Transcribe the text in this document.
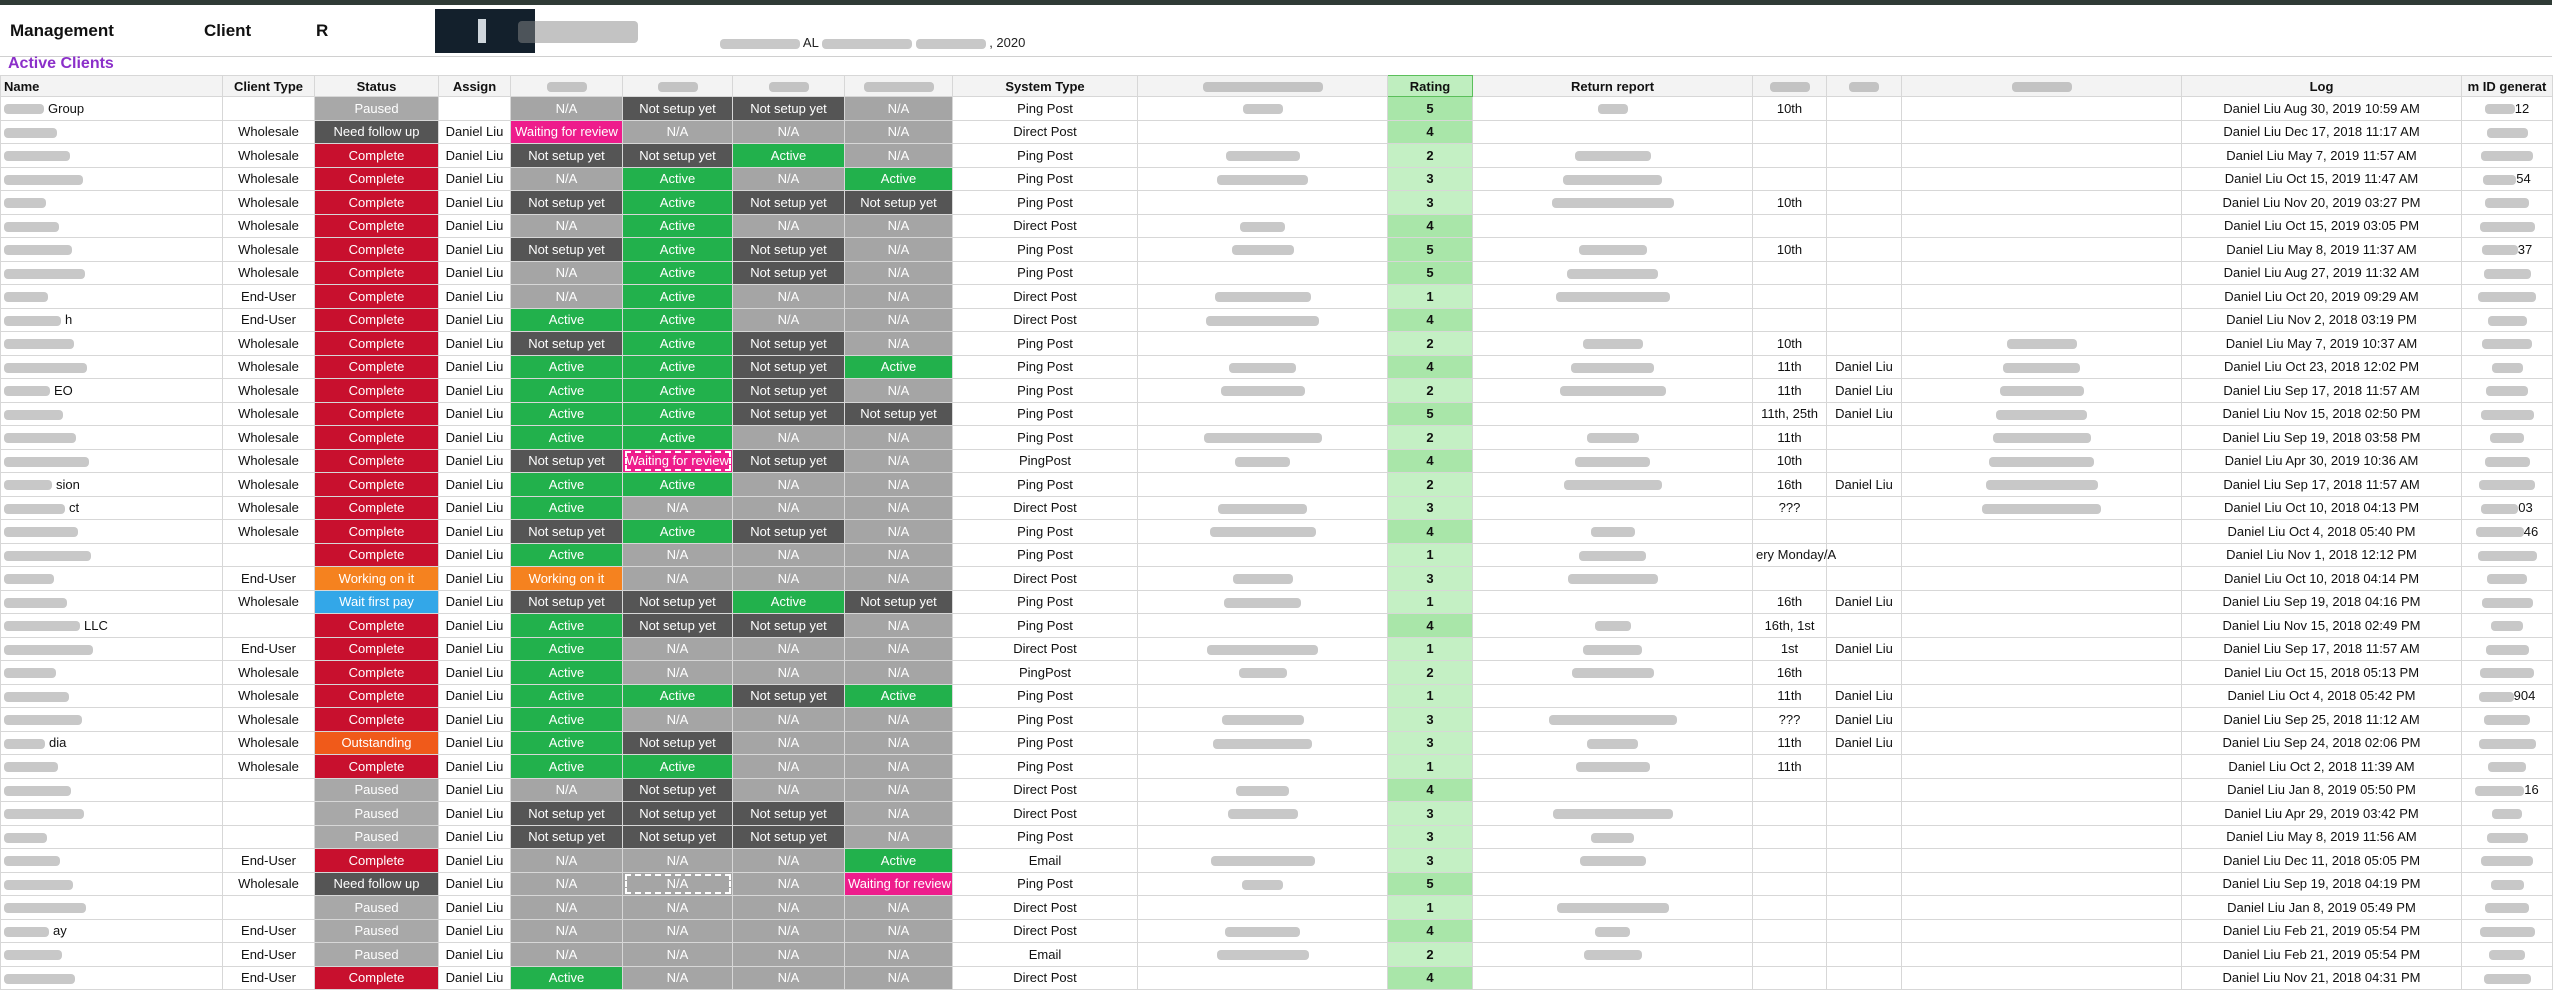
Management	Client	R
AL	, 2020
Active Clients
Name	Client Type	Status	Assign					System Type		Rating	Return report				Log	m ID generat
Group		Paused		N/A	Not setup yet	Not setup yet	N/A	Ping Post		5		10th			Daniel Liu Aug 30, 2019 10:59 AM	12
	Wholesale	Need follow up	Daniel Liu	Waiting for review	N/A	N/A	N/A	Direct Post		4					Daniel Liu Dec 17, 2018 11:17 AM	
	Wholesale	Complete	Daniel Liu	Not setup yet	Not setup yet	Active	N/A	Ping Post		2					Daniel Liu May 7, 2019 11:57 AM	
	Wholesale	Complete	Daniel Liu	N/A	Active	N/A	Active	Ping Post		3					Daniel Liu Oct 15, 2019 11:47 AM	54
	Wholesale	Complete	Daniel Liu	Not setup yet	Active	Not setup yet	Not setup yet	Ping Post		3		10th			Daniel Liu Nov 20, 2019 03:27 PM	
	Wholesale	Complete	Daniel Liu	N/A	Active	N/A	N/A	Direct Post		4					Daniel Liu Oct 15, 2019 03:05 PM	
	Wholesale	Complete	Daniel Liu	Not setup yet	Active	Not setup yet	N/A	Ping Post		5		10th			Daniel Liu May 8, 2019 11:37 AM	37
	Wholesale	Complete	Daniel Liu	N/A	Active	Not setup yet	N/A	Ping Post		5					Daniel Liu Aug 27, 2019 11:32 AM	
	End-User	Complete	Daniel Liu	N/A	Active	N/A	N/A	Direct Post		1					Daniel Liu Oct 20, 2019 09:29 AM	
h	End-User	Complete	Daniel Liu	Active	Active	N/A	N/A	Direct Post		4					Daniel Liu Nov 2, 2018 03:19 PM	
	Wholesale	Complete	Daniel Liu	Not setup yet	Active	Not setup yet	N/A	Ping Post		2		10th			Daniel Liu May 7, 2019 10:37 AM	
	Wholesale	Complete	Daniel Liu	Active	Active	Not setup yet	Active	Ping Post		4		11th	Daniel Liu		Daniel Liu Oct 23, 2018 12:02 PM	
EO	Wholesale	Complete	Daniel Liu	Active	Active	Not setup yet	N/A	Ping Post		2		11th	Daniel Liu		Daniel Liu Sep 17, 2018 11:57 AM	
	Wholesale	Complete	Daniel Liu	Active	Active	Not setup yet	Not setup yet	Ping Post		5		11th, 25th	Daniel Liu		Daniel Liu Nov 15, 2018 02:50 PM	
	Wholesale	Complete	Daniel Liu	Active	Active	N/A	N/A	Ping Post		2		11th			Daniel Liu Sep 19, 2018 03:58 PM	
	Wholesale	Complete	Daniel Liu	Not setup yet	Waiting for review	Not setup yet	N/A	PingPost		4		10th			Daniel Liu Apr 30, 2019 10:36 AM	
sion	Wholesale	Complete	Daniel Liu	Active	Active	N/A	N/A	Ping Post		2		16th	Daniel Liu		Daniel Liu Sep 17, 2018 11:57 AM	
ct	Wholesale	Complete	Daniel Liu	Active	N/A	N/A	N/A	Direct Post		3		???			Daniel Liu Oct 10, 2018 04:13 PM	03
	Wholesale	Complete	Daniel Liu	Not setup yet	Active	Not setup yet	N/A	Ping Post		4					Daniel Liu Oct 4, 2018 05:40 PM	46
		Complete	Daniel Liu	Active	N/A	N/A	N/A	Ping Post		1		ery Monday/A			Daniel Liu Nov 1, 2018 12:12 PM	
	End-User	Working on it	Daniel Liu	Working on it	N/A	N/A	N/A	Direct Post		3					Daniel Liu Oct 10, 2018 04:14 PM	
	Wholesale	Wait first pay	Daniel Liu	Not setup yet	Not setup yet	Active	Not setup yet	Ping Post		1		16th	Daniel Liu		Daniel Liu Sep 19, 2018 04:16 PM	
LLC		Complete	Daniel Liu	Active	Not setup yet	Not setup yet	N/A	Ping Post		4		16th, 1st			Daniel Liu Nov 15, 2018 02:49 PM	
	End-User	Complete	Daniel Liu	Active	N/A	N/A	N/A	Direct Post		1		1st	Daniel Liu		Daniel Liu Sep 17, 2018 11:57 AM	
	Wholesale	Complete	Daniel Liu	Active	N/A	N/A	N/A	PingPost		2		16th			Daniel Liu Oct 15, 2018 05:13 PM	
	Wholesale	Complete	Daniel Liu	Active	Active	Not setup yet	Active	Ping Post		1		11th	Daniel Liu		Daniel Liu Oct 4, 2018 05:42 PM	904
	Wholesale	Complete	Daniel Liu	Active	N/A	N/A	N/A	Ping Post		3		???	Daniel Liu		Daniel Liu Sep 25, 2018 11:12 AM	
dia	Wholesale	Outstanding	Daniel Liu	Active	Not setup yet	N/A	N/A	Ping Post		3		11th	Daniel Liu		Daniel Liu Sep 24, 2018 02:06 PM	
	Wholesale	Complete	Daniel Liu	Active	Active	N/A	N/A	Ping Post		1		11th			Daniel Liu Oct 2, 2018 11:39 AM	
		Paused	Daniel Liu	N/A	Not setup yet	N/A	N/A	Direct Post		4					Daniel Liu Jan 8, 2019 05:50 PM	16
		Paused	Daniel Liu	Not setup yet	Not setup yet	Not setup yet	N/A	Direct Post		3					Daniel Liu Apr 29, 2019 03:42 PM	
		Paused	Daniel Liu	Not setup yet	Not setup yet	Not setup yet	N/A	Ping Post		3					Daniel Liu May 8, 2019 11:56 AM	
	End-User	Complete	Daniel Liu	N/A	N/A	N/A	Active	Email		3					Daniel Liu Dec 11, 2018 05:05 PM	
	Wholesale	Need follow up	Daniel Liu	N/A	N/A	N/A	Waiting for review	Ping Post		5					Daniel Liu Sep 19, 2018 04:19 PM	
		Paused	Daniel Liu	N/A	N/A	N/A	N/A	Direct Post		1					Daniel Liu Jan 8, 2019 05:49 PM	
ay	End-User	Paused	Daniel Liu	N/A	N/A	N/A	N/A	Direct Post		4					Daniel Liu Feb 21, 2019 05:54 PM	
	End-User	Paused	Daniel Liu	N/A	N/A	N/A	N/A	Email		2					Daniel Liu Feb 21, 2019 05:54 PM	
	End-User	Complete	Daniel Liu	Active	N/A	N/A	N/A	Direct Post		4					Daniel Liu Nov 21, 2018 04:31 PM	
